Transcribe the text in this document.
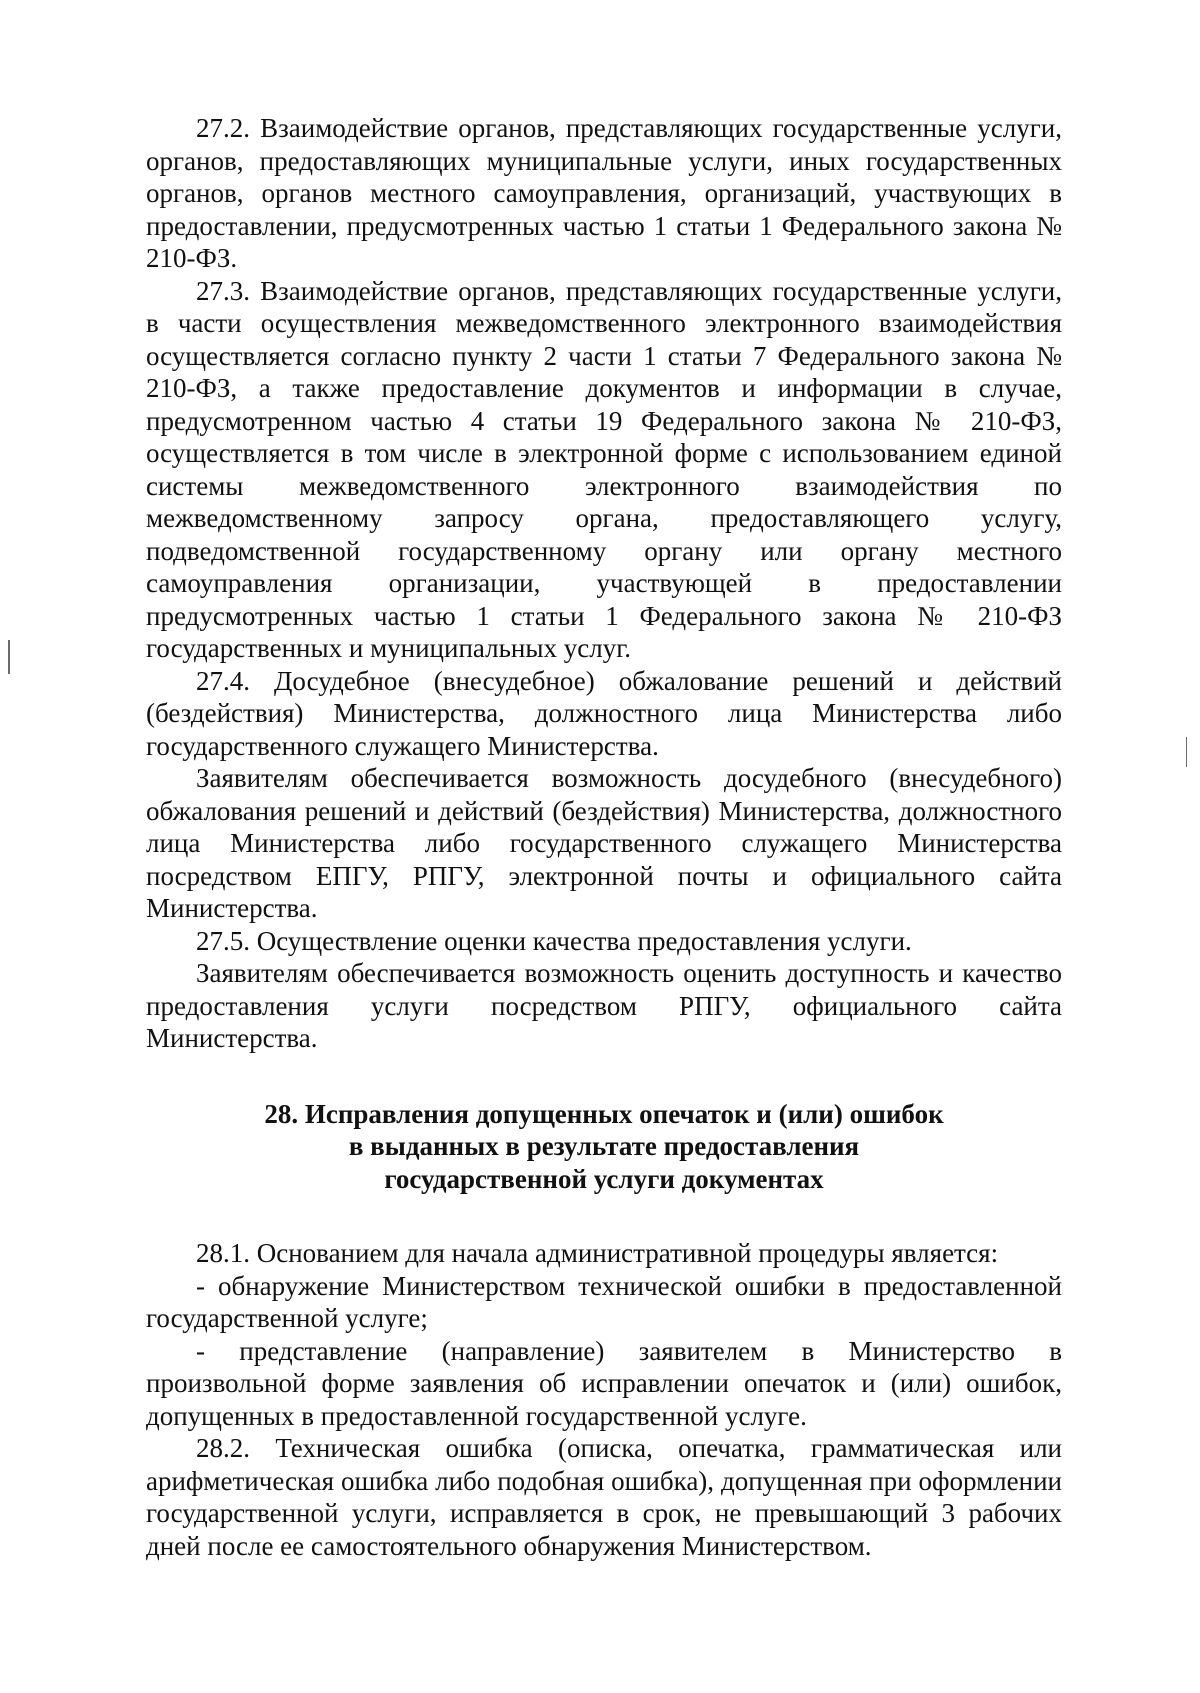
27.2. Взаимодействие органов, представляющих государственные услуги, органов, предоставляющих муниципальные услуги, иных государственных органов, органов местного самоуправления, организаций, участвующих в предоставлении, предусмотренных частью 1 статьи 1 Федерального закона № 210-ФЗ.

27.3. Взаимодействие органов, представляющих государственные услуги, в части осуществления межведомственного электронного взаимодействия осуществляется согласно пункту 2 части 1 статьи 7 Федерального закона № 210-ФЗ, а также предоставление документов и информации в случае, предусмотренном частью 4 статьи 19 Федерального закона № 210-ФЗ, осуществляется в том числе в электронной форме с использованием единой системы межведомственного электронного взаимодействия по межведомственному запросу органа, предоставляющего услугу, подведомственной государственному органу или органу местного самоуправления организации, участвующей в предоставлении предусмотренных частью 1 статьи 1 Федерального закона № 210-ФЗ государственных и муниципальных услуг.

27.4. Досудебное (внесудебное) обжалование решений и действий (бездействия) Министерства, должностного лица Министерства либо государственного служащего Министерства.

Заявителям обеспечивается возможность досудебного (внесудебного) обжалования решений и действий (бездействия) Министерства, должностного лица Министерства либо государственного служащего Министерства посредством ЕПГУ, РПГУ, электронной почты и официального сайта Министерства.

27.5. Осуществление оценки качества предоставления услуги.

Заявителям обеспечивается возможность оценить доступность и качество предоставления услуги посредством РПГУ, официального сайта Министерства.

28. Исправления допущенных опечаток и (или) ошибок
в выданных в результате предоставления
государственной услуги документах

28.1. Основанием для начала административной процедуры является:

- обнаружение Министерством технической ошибки в предоставленной государственной услуге;

- представление (направление) заявителем в Министерство в произвольной форме заявления об исправлении опечаток и (или) ошибок, допущенных в предоставленной государственной услуге.

28.2. Техническая ошибка (описка, опечатка, грамматическая или арифметическая ошибка либо подобная ошибка), допущенная при оформлении государственной услуги, исправляется в срок, не превышающий 3 рабочих дней после ее самостоятельного обнаружения Министерством.
